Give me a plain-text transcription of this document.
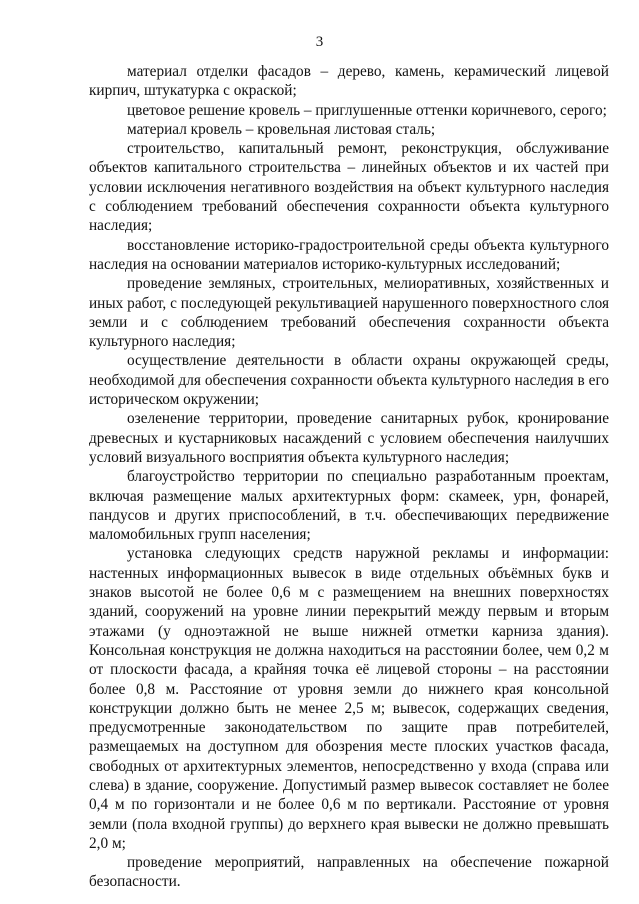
3

материал отделки фасадов – дерево, камень, керамический лицевой кирпич, штукатурка с окраской;

цветовое решение кровель – приглушенные оттенки коричневого, серого;

материал кровель – кровельная листовая сталь;

строительство, капитальный ремонт, реконструкция, обслуживание объектов капитального строительства – линейных объектов и их частей при условии исключения негативного воздействия на объект культурного наследия с соблюдением требований обеспечения сохранности объекта культурного наследия;

восстановление историко-градостроительной среды объекта культурного наследия на основании материалов историко-культурных исследований;

проведение земляных, строительных, мелиоративных, хозяйственных и иных работ, с последующей рекультивацией нарушенного поверхностного слоя земли и с соблюдением требований обеспечения сохранности объекта культурного наследия;

осуществление деятельности в области охраны окружающей среды, необходимой для обеспечения сохранности объекта культурного наследия в его историческом окружении;

озеленение территории, проведение санитарных рубок, кронирование древесных и кустарниковых насаждений с условием обеспечения наилучших условий визуального восприятия объекта культурного наследия;

благоустройство территории по специально разработанным проектам, включая размещение малых архитектурных форм: скамеек, урн, фонарей, пандусов и других приспособлений, в т.ч. обеспечивающих передвижение маломобильных групп населения;

установка следующих средств наружной рекламы и информации: настенных информационных вывесок в виде отдельных объёмных букв и знаков высотой не более 0,6 м с размещением на внешних поверхностях зданий, сооружений на уровне линии перекрытий между первым и вторым этажами (у одноэтажной не выше нижней отметки карниза здания). Консольная конструкция не должна находиться на расстоянии более, чем 0,2 м от плоскости фасада, а крайняя точка её лицевой стороны – на расстоянии более 0,8 м. Расстояние от уровня земли до нижнего края консольной конструкции должно быть не менее 2,5 м; вывесок, содержащих сведения, предусмотренные законодательством по защите прав потребителей, размещаемых на доступном для обозрения месте плоских участков фасада, свободных от архитектурных элементов, непосредственно у входа (справа или слева) в здание, сооружение. Допустимый размер вывесок составляет не более 0,4 м по горизонтали и не более 0,6 м по вертикали. Расстояние от уровня земли (пола входной группы) до верхнего края вывески не должно превышать 2,0 м;

проведение мероприятий, направленных на обеспечение пожарной безопасности.
